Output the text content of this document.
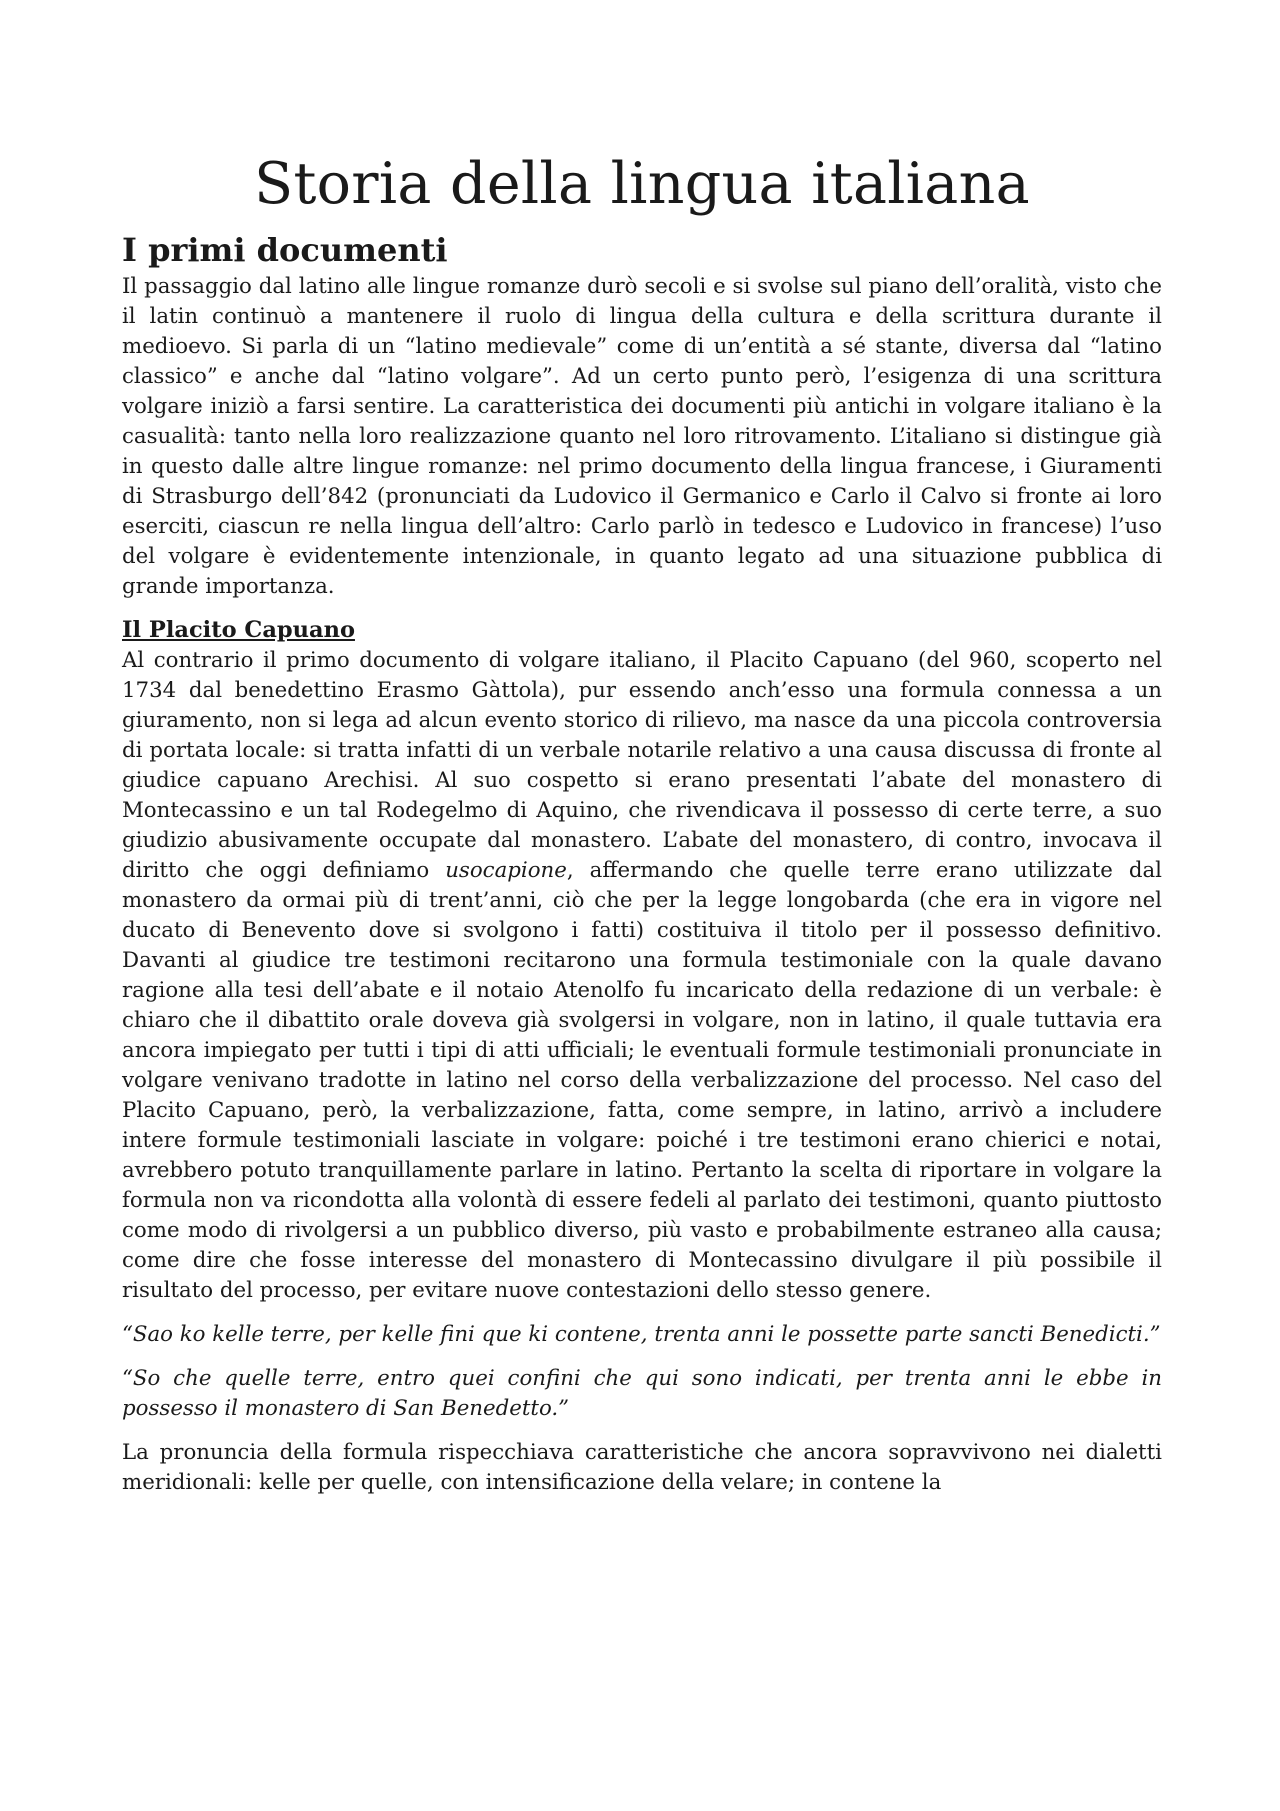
Storia della lingua italiana
I primi documenti

Il passaggio dal latino alle lingue romanze durò secoli e si svolse sul piano dell’oralità, visto che il latin continuò a mantenere il ruolo di lingua della cultura e della scrittura durante il medioevo. Si parla di un “latino medievale” come di un’entità a sé stante, diversa dal “latino classico” e anche dal “latino volgare”. Ad un certo punto però, l’esigenza di una scrittura volgare iniziò a farsi sentire. La caratteristica dei documenti più antichi in volgare italiano è la casualità: tanto nella loro realizzazione quanto nel loro ritrovamento. L’italiano si distingue già in questo dalle altre lingue romanze: nel primo documento della lingua francese, i Giuramenti di Strasburgo dell’842 (pronunciati da Ludovico il Germanico e Carlo il Calvo si fronte ai loro eserciti, ciascun re nella lingua dell’altro: Carlo parlò in tedesco e Ludovico in francese) l’uso del volgare è evidentemente intenzionale, in quanto legato ad una situazione pubblica di grande importanza.

Il Placito Capuano

Al contrario il primo documento di volgare italiano, il Placito Capuano (del 960, scoperto nel 1734 dal benedettino Erasmo Gàttola), pur essendo anch’esso una formula connessa a un giuramento, non si lega ad alcun evento storico di rilievo, ma nasce da una piccola controversia di portata locale: si tratta infatti di un verbale notarile relativo a una causa discussa di fronte al giudice capuano Arechisi. Al suo cospetto si erano presentati l’abate del monastero di Montecassino e un tal Rodegelmo di Aquino, che rivendicava il possesso di certe terre, a suo giudizio abusivamente occupate dal monastero. L’abate del monastero, di contro, invocava il diritto che oggi definiamo usocapione, affermando che quelle terre erano utilizzate dal monastero da ormai più di trent’anni, ciò che per la legge longobarda (che era in vigore nel ducato di Benevento dove si svolgono i fatti) costituiva il titolo per il possesso definitivo. Davanti al giudice tre testimoni recitarono una formula testimoniale con la quale davano ragione alla tesi dell’abate e il notaio Atenolfo fu incaricato della redazione di un verbale: è chiaro che il dibattito orale doveva già svolgersi in volgare, non in latino, il quale tuttavia era ancora impiegato per tutti i tipi di atti ufficiali; le eventuali formule testimoniali pronunciate in volgare venivano tradotte in latino nel corso della verbalizzazione del processo. Nel caso del Placito Capuano, però, la verbalizzazione, fatta, come sempre, in latino, arrivò a includere intere formule testimoniali lasciate in volgare: poiché i tre testimoni erano chierici e notai, avrebbero potuto tranquillamente parlare in latino. Pertanto la scelta di riportare in volgare la formula non va ricondotta alla volontà di essere fedeli al parlato dei testimoni, quanto piuttosto come modo di rivolgersi a un pubblico diverso, più vasto e probabilmente estraneo alla causa; come dire che fosse interesse del monastero di Montecassino divulgare il più possibile il risultato del processo, per evitare nuove contestazioni dello stesso genere.

“Sao ko kelle terre, per kelle fini que ki contene, trenta anni le possette parte sancti Benedicti.”

“So che quelle terre, entro quei confini che qui sono indicati, per trenta anni le ebbe in possesso il monastero di San Benedetto.”

La pronuncia della formula rispecchiava caratteristiche che ancora sopravvivono nei dialetti meridionali: kelle per quelle, con intensificazione della velare; in contene la
